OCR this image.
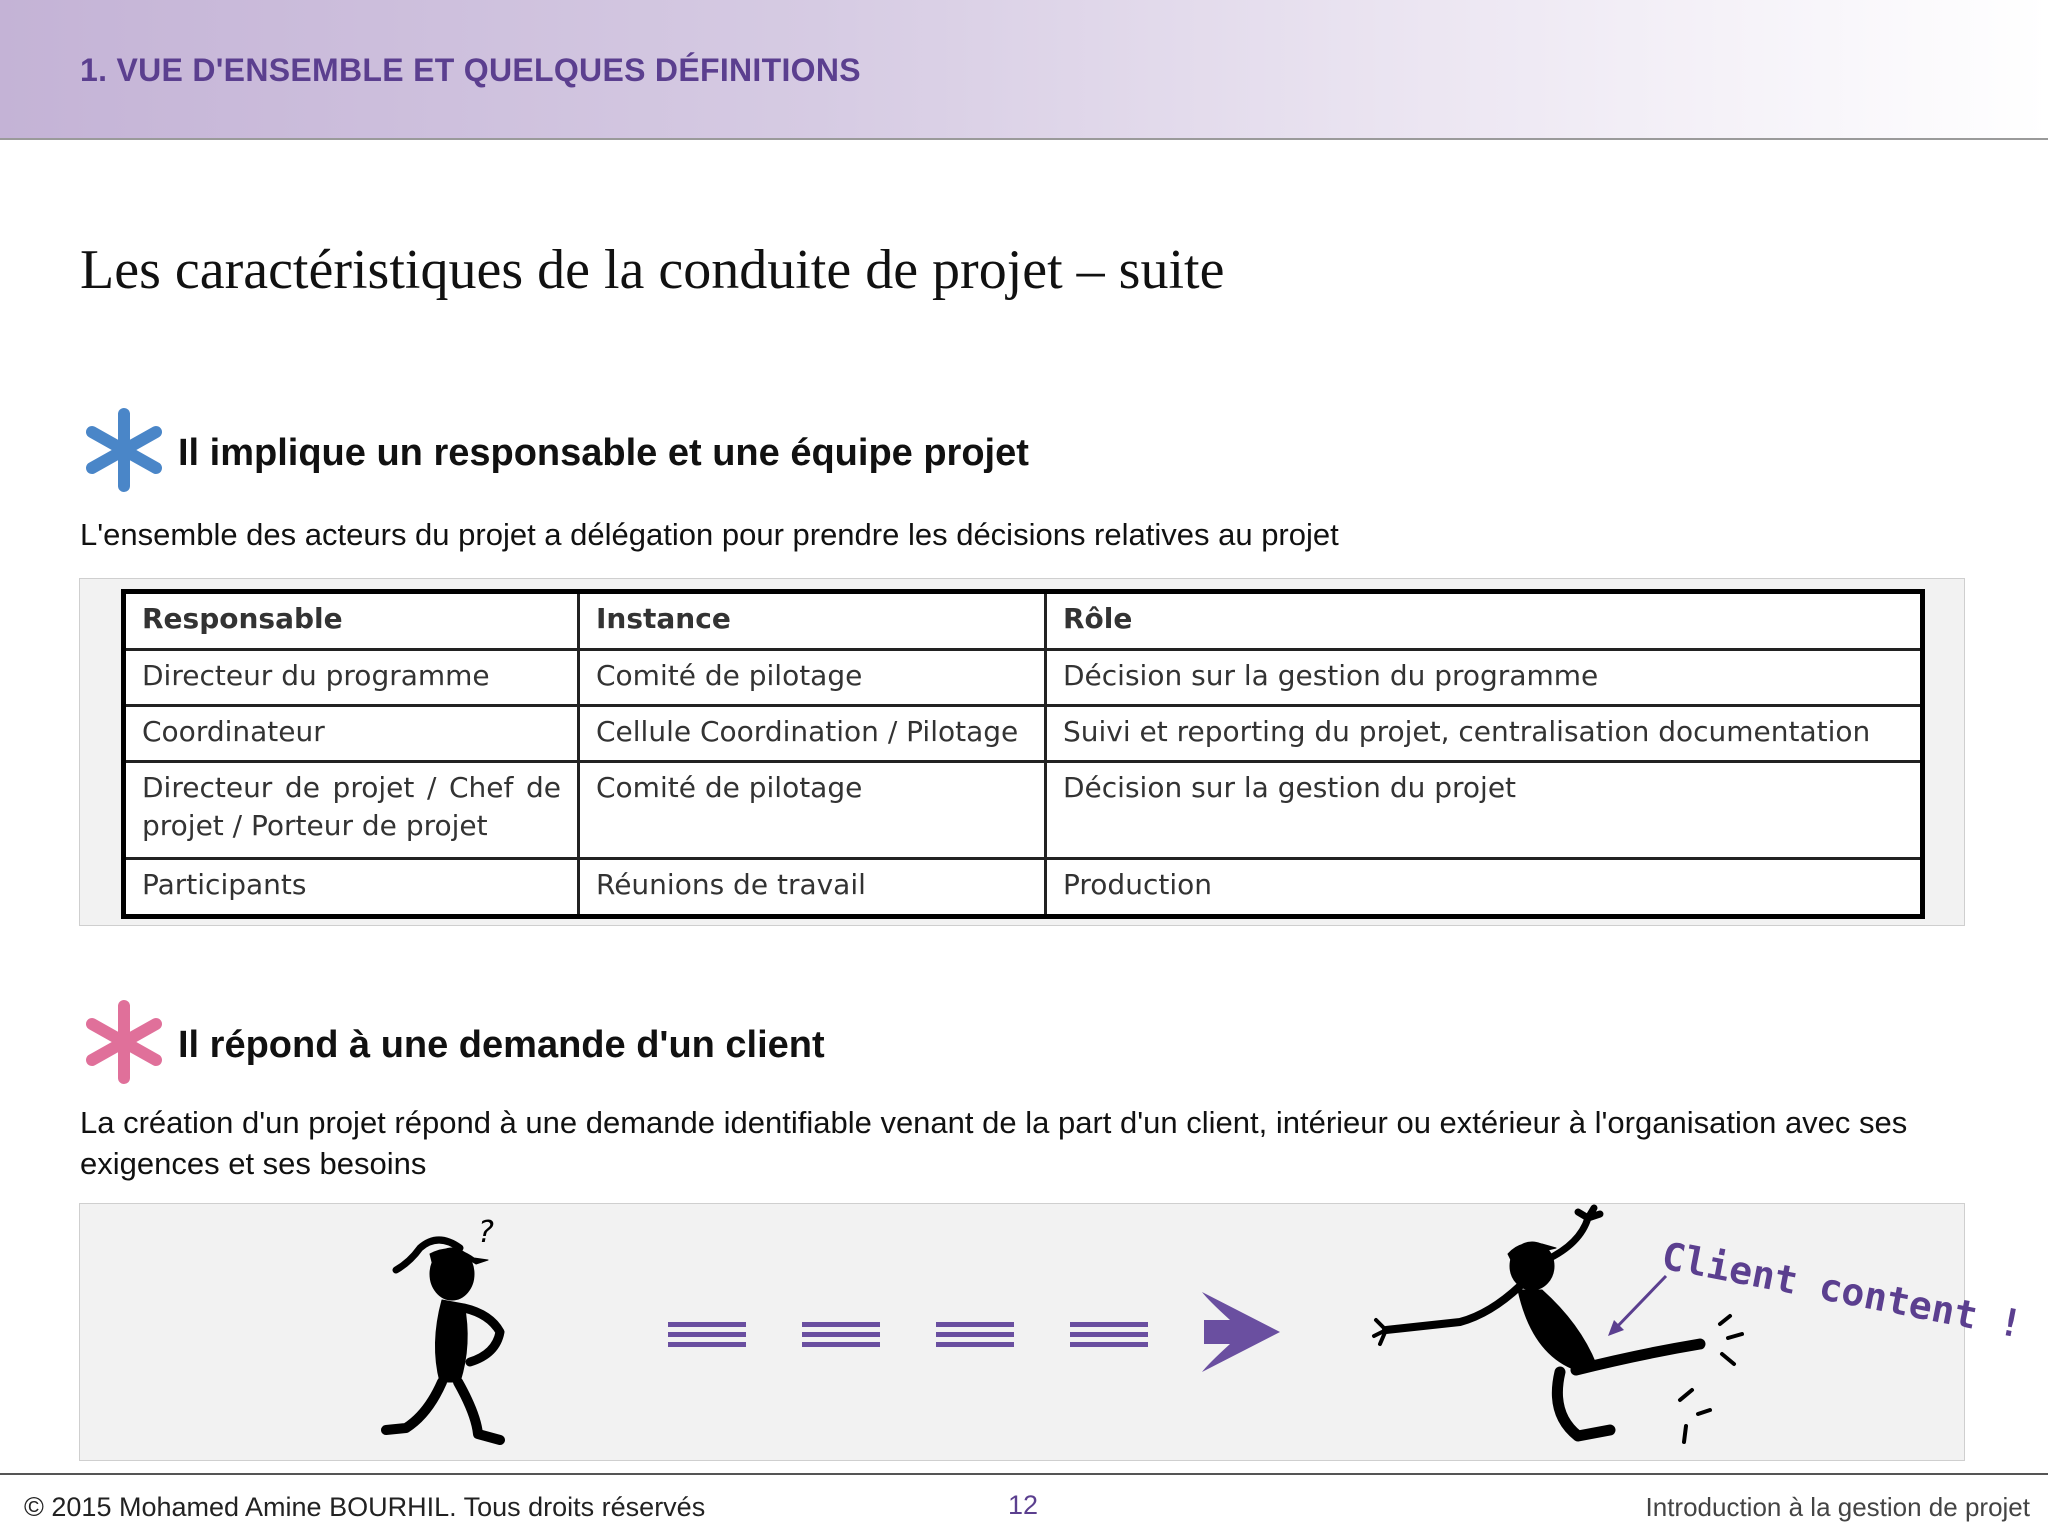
1. VUE D'ENSEMBLE ET QUELQUES DÉFINITIONS
Les caractéristiques de la conduite de projet – suite
Il implique un responsable et une équipe projet
L'ensemble des acteurs du projet a délégation pour prendre les décisions relatives au projet
Responsable	Instance	Rôle
Directeur du programme	Comité de pilotage	Décision sur la gestion du programme
Coordinateur	Cellule Coordination / Pilotage	Suivi et reporting du projet, centralisation documentation
Directeur de projet / Chef de projet / Porteur de projet	Comité de pilotage	Décision sur la gestion du projet
Participants	Réunions de travail	Production
Il répond à une demande d'un client
La création d'un projet répond à une demande identifiable venant de la part d'un client, intérieur ou extérieur à l'organisation avec ses exigences et ses besoins
?
Client content !
© 2015 Mohamed Amine BOURHIL. Tous droits réservés	12	Introduction à la gestion de projet
